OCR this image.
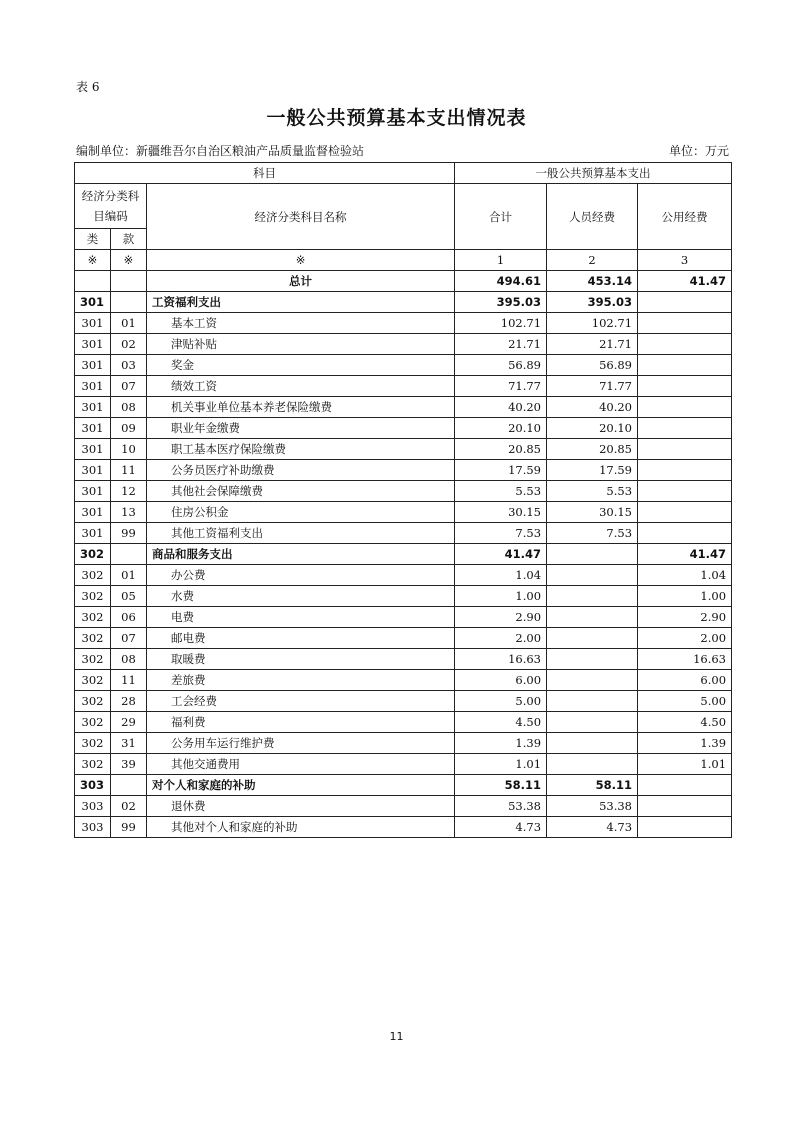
表 6
一般公共预算基本支出情况表
编制单位：新疆维吾尔自治区粮油产品质量监督检验站	单位：万元
科目			一般公共预算基本支出		
经济分类科目编码		经济分类科目名称	合计	人员经费	公用经费
类	款				
※	※	※	1	2	3
		总计	494.61	453.14	41.47
301		工资福利支出	395.03	395.03	
301	01	基本工资	102.71	102.71	
301	02	津贴补贴	21.71	21.71	
301	03	奖金	56.89	56.89	
301	07	绩效工资	71.77	71.77	
301	08	机关事业单位基本养老保险缴费	40.20	40.20	
301	09	职业年金缴费	20.10	20.10	
301	10	职工基本医疗保险缴费	20.85	20.85	
301	11	公务员医疗补助缴费	17.59	17.59	
301	12	其他社会保障缴费	5.53	5.53	
301	13	住房公积金	30.15	30.15	
301	99	其他工资福利支出	7.53	7.53	
302		商品和服务支出	41.47		41.47
302	01	办公费	1.04		1.04
302	05	水费	1.00		1.00
302	06	电费	2.90		2.90
302	07	邮电费	2.00		2.00
302	08	取暖费	16.63		16.63
302	11	差旅费	6.00		6.00
302	28	工会经费	5.00		5.00
302	29	福利费	4.50		4.50
302	31	公务用车运行维护费	1.39		1.39
302	39	其他交通费用	1.01		1.01
303		对个人和家庭的补助	58.11	58.11	
303	02	退休费	53.38	53.38	
303	99	其他对个人和家庭的补助	4.73	4.73	
11
